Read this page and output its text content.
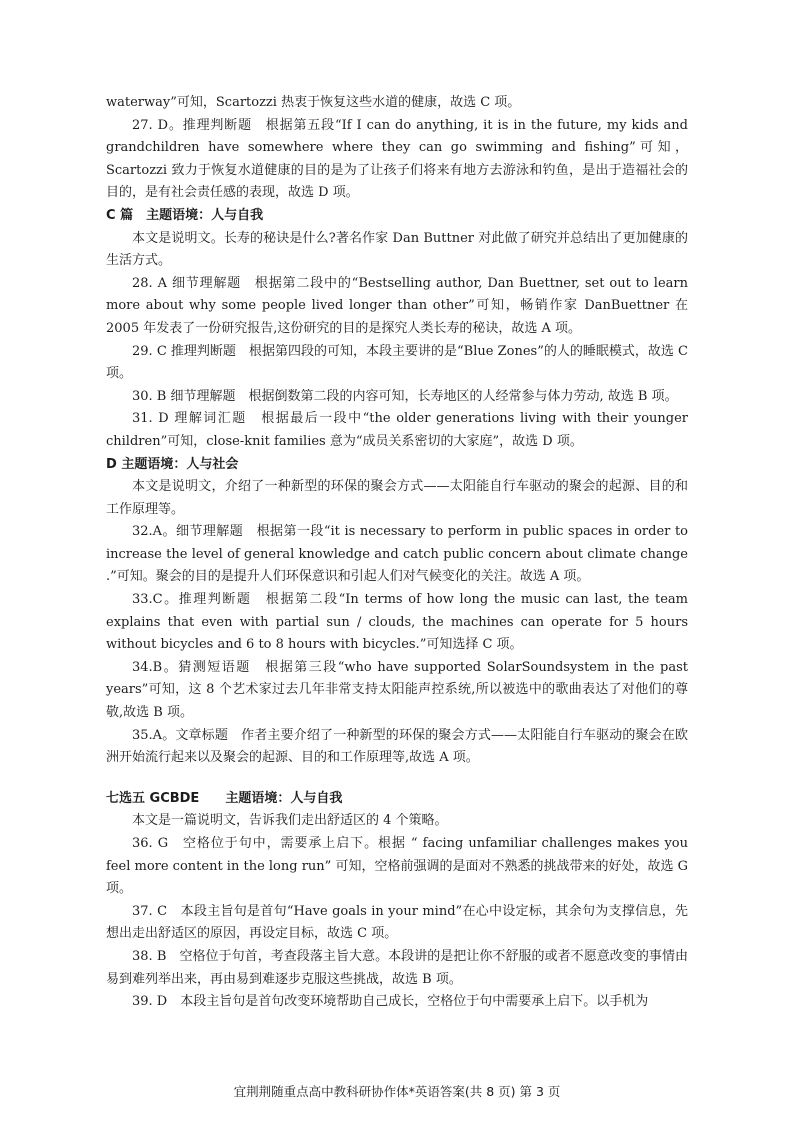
waterway”可知，Scartozzi 热衷于恢复这些水道的健康，故选 C 项。

27. D。推理判断题　根据第五段“If I can do anything, it is in the future, my kids and grandchildren have somewhere where they can go swimming and fishing”可知，Scartozzi 致力于恢复水道健康的目的是为了让孩子们将来有地方去游泳和钓鱼，是出于造福社会的目的，是有社会责任感的表现，故选 D 项。

C 篇　主题语境：人与自我

本文是说明文。长寿的秘诀是什么?著名作家 Dan Buttner 对此做了研究并总结出了更加健康的生活方式。

28. A 细节理解题　根据第二段中的“Bestselling author, Dan Buettner, set out to learn more about why some people lived longer than other”可知，畅销作家 DanBuettner 在 2005 年发表了一份研究报告,这份研究的目的是探究人类长寿的秘诀，故选 A 项。

29. C 推理判断题　根据第四段的可知，本段主要讲的是“Blue Zones”的人的睡眠模式，故选 C 项。

30. B 细节理解题　根据倒数第二段的内容可知，长寿地区的人经常参与体力劳动, 故选 B 项。

31. D 理解词汇题　根据最后一段中“the older generations living with their younger children”可知，close-knit families 意为“成员关系密切的大家庭”，故选 D 项。

D 主题语境：人与社会

本文是说明文，介绍了一种新型的环保的聚会方式——太阳能自行车驱动的聚会的起源、目的和工作原理等。

32.A。细节理解题　根据第一段“it is necessary to perform in public spaces in order to increase the level of general knowledge and catch public concern about climate change .”可知。聚会的目的是提升人们环保意识和引起人们对气候变化的关注。故选 A 项。

33.C。推理判断题　根据第二段“In terms of how long the music can last, the team explains that even with partial sun / clouds, the machines can operate for 5 hours without bicycles and 6 to 8 hours with bicycles.”可知选择 C 项。

34.B。猜测短语题　根据第三段“who have supported SolarSoundsystem in the past years”可知，这 8 个艺术家过去几年非常支持太阳能声控系统,所以被选中的歌曲表达了对他们的尊敬,故选 B 项。

35.A。文章标题　作者主要介绍了一种新型的环保的聚会方式——太阳能自行车驱动的聚会在欧洲开始流行起来以及聚会的起源、目的和工作原理等,故选 A 项。

七选五 GCBDE　　主题语境：人与自我

本文是一篇说明文，告诉我们走出舒适区的 4 个策略。

36. G　空格位于句中，需要承上启下。根据 “ facing unfamiliar challenges makes you feel more content in the long run” 可知，空格前强调的是面对不熟悉的挑战带来的好处，故选 G 项。

37. C　本段主旨句是首句“Have goals in your mind”在心中设定标，其余句为支撑信息，先想出走出舒适区的原因，再设定目标，故选 C 项。

38. B　空格位于句首，考查段落主旨大意。本段讲的是把让你不舒服的或者不愿意改变的事情由易到难列举出来，再由易到难逐步克服这些挑战，故选 B 项。

39. D　本段主旨句是首句改变环境帮助自己成长，空格位于句中需要承上启下。以手机为

宜荆荆随重点高中教科研协作体*英语答案(共 8 页) 第 3 页
